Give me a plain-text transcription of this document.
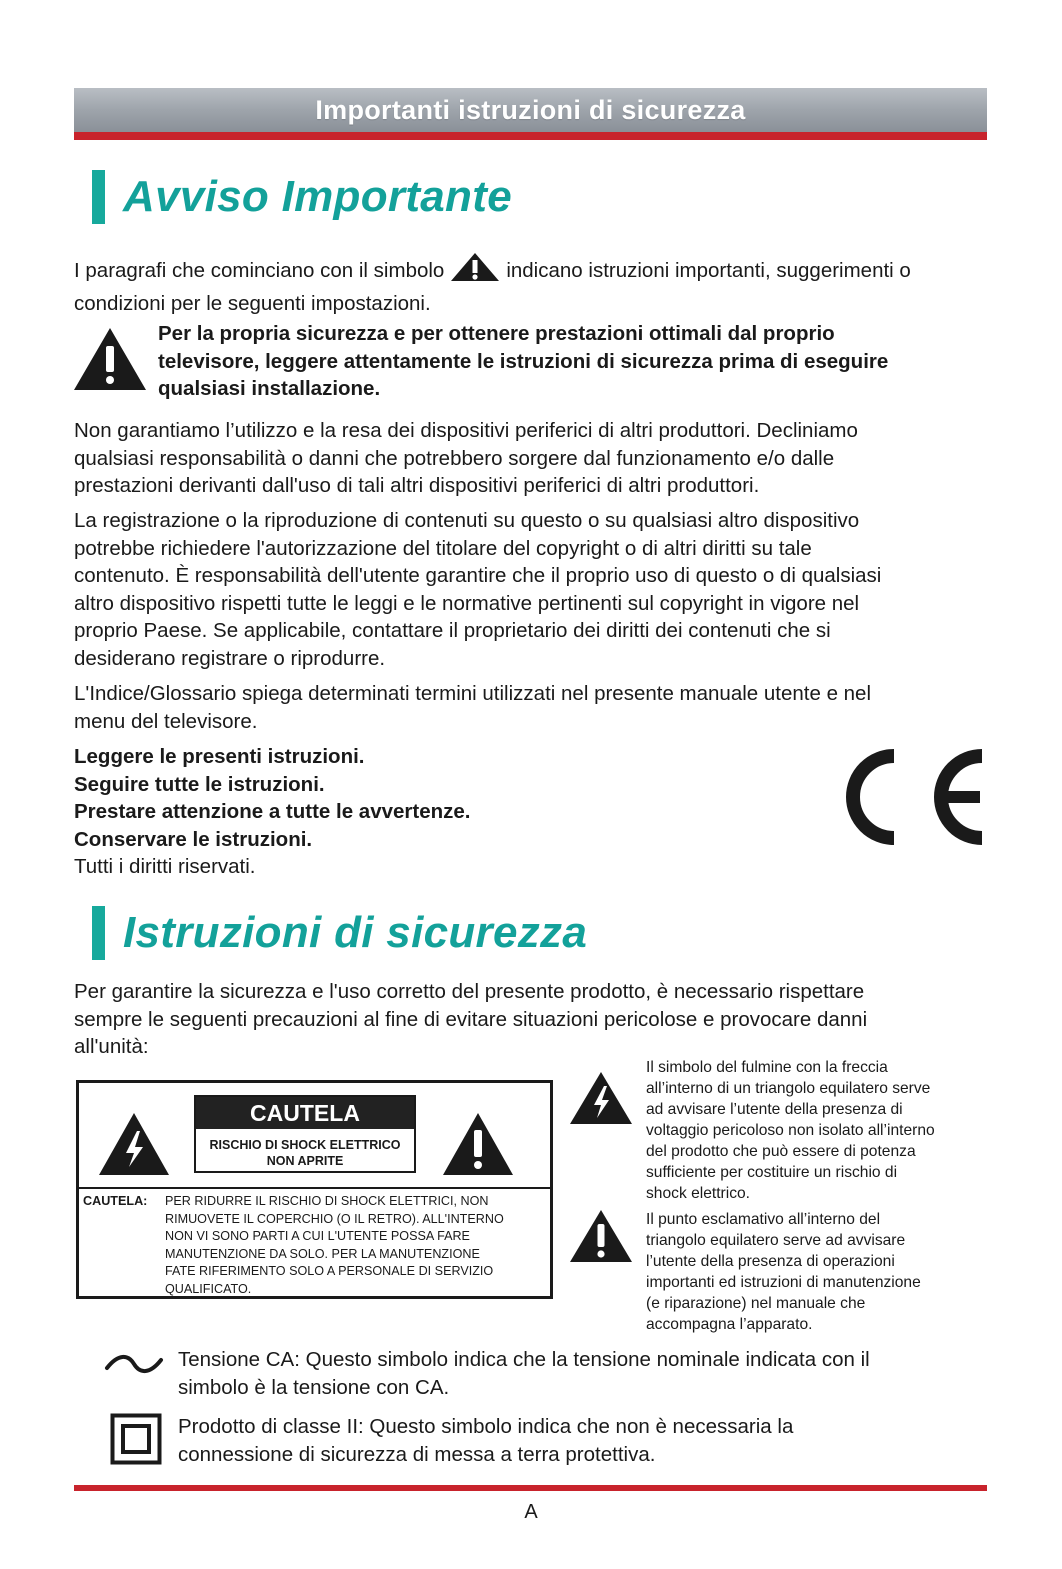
Importanti istruzioni di sicurezza
Avviso Importante

I paragrafi che cominciano con il simbolo	indicano istruzioni importanti, suggerimenti o

condizioni per le seguenti impostazioni.

Per la propria sicurezza e per ottenere prestazioni ottimali dal proprio

televisore, leggere attentamente le istruzioni di sicurezza prima di eseguire

qualsiasi installazione.

Non garantiamo l’utilizzo e la resa dei dispositivi periferici di altri produttori. Decliniamo

qualsiasi responsabilità o danni che potrebbero sorgere dal funzionamento e/o dalle

prestazioni derivanti dall'uso di tali altri dispositivi periferici di altri produttori.

La registrazione o la riproduzione di contenuti su questo o su qualsiasi altro dispositivo

potrebbe richiedere l'autorizzazione del titolare del copyright o di altri diritti su tale

contenuto. È responsabilità dell'utente garantire che il proprio uso di questo o di qualsiasi

altro dispositivo rispetti tutte le leggi e le normative pertinenti sul copyright in vigore nel

proprio Paese. Se applicabile, contattare il proprietario dei diritti dei contenuti che si

desiderano registrare o riprodurre.

L'Indice/Glossario spiega determinati termini utilizzati nel presente manuale utente e nel

menu del televisore.

Leggere le presenti istruzioni.

Seguire tutte le istruzioni.

Prestare attenzione a tutte le avvertenze.

Conservare le istruzioni.

Tutti i diritti riservati.

Istruzioni di sicurezza

Per garantire la sicurezza e l'uso corretto del presente prodotto, è necessario rispettare

sempre le seguenti precauzioni al fine di evitare situazioni pericolose e provocare danni

all'unità:

CAUTELA
RISCHIO DI SHOCK ELETTRICO
NON APRITE
CAUTELA: PER RIDURRE IL RISCHIO DI SHOCK ELETTRICI, NON
RIMUOVETE IL COPERCHIO (O IL RETRO). ALL'INTERNO
NON VI SONO PARTI A CUI L'UTENTE POSSA FARE
MANUTENZIONE DA SOLO. PER LA MANUTENZIONE
FATE RIFERIMENTO SOLO A PERSONALE DI SERVIZIO
QUALIFICATO.
Il simbolo del fulmine con la freccia
all’interno di un triangolo equilatero serve
ad avvisare l’utente della presenza di
voltaggio pericoloso non isolato all’interno
del prodotto che può essere di potenza
sufficiente per costituire un rischio di
shock elettrico.
Il punto esclamativo all’interno del
triangolo equilatero serve ad avvisare
l’utente della presenza di operazioni
importanti ed istruzioni di manutenzione
(e riparazione) nel manuale che
accompagna l’apparato.

Tensione CA: Questo simbolo indica che la tensione nominale indicata con il

simbolo è la tensione con CA.

Prodotto di classe II: Questo simbolo indica che non è necessaria la

connessione di sicurezza di messa a terra protettiva.

A
